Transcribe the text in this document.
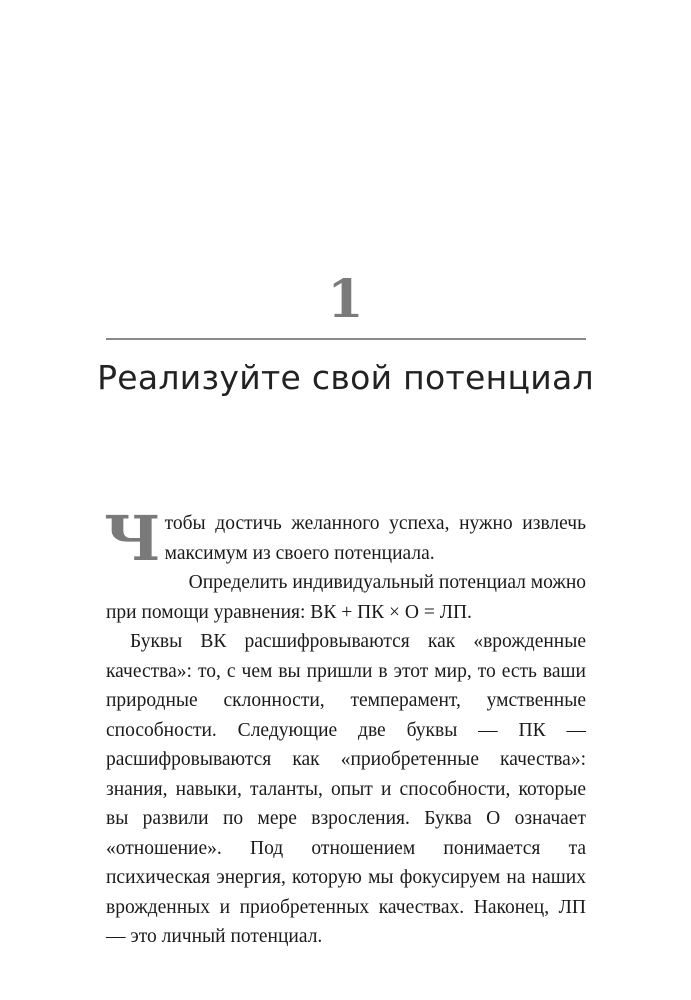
1
Реализуйте свой потенциал

Чтобы достичь желанного успеха, нужно извлечь максимум из своего потенциала.

Определить индивидуальный потенциал можно при помощи уравнения: ВК + ПК × О = ЛП.

Буквы ВК расшифровываются как «врожденные качества»: то, с чем вы пришли в этот мир, то есть ваши природные склонности, темперамент, умственные способности. Следующие две буквы — ПК — расшифровываются как «приобретенные качества»: знания, навыки, таланты, опыт и способности, которые вы развили по мере взросления. Буква О означает «отношение». Под отношением понимается та психическая энергия, которую мы фокусируем на наших врожденных и приобретенных качествах. Наконец, ЛП — это личный потенциал.
